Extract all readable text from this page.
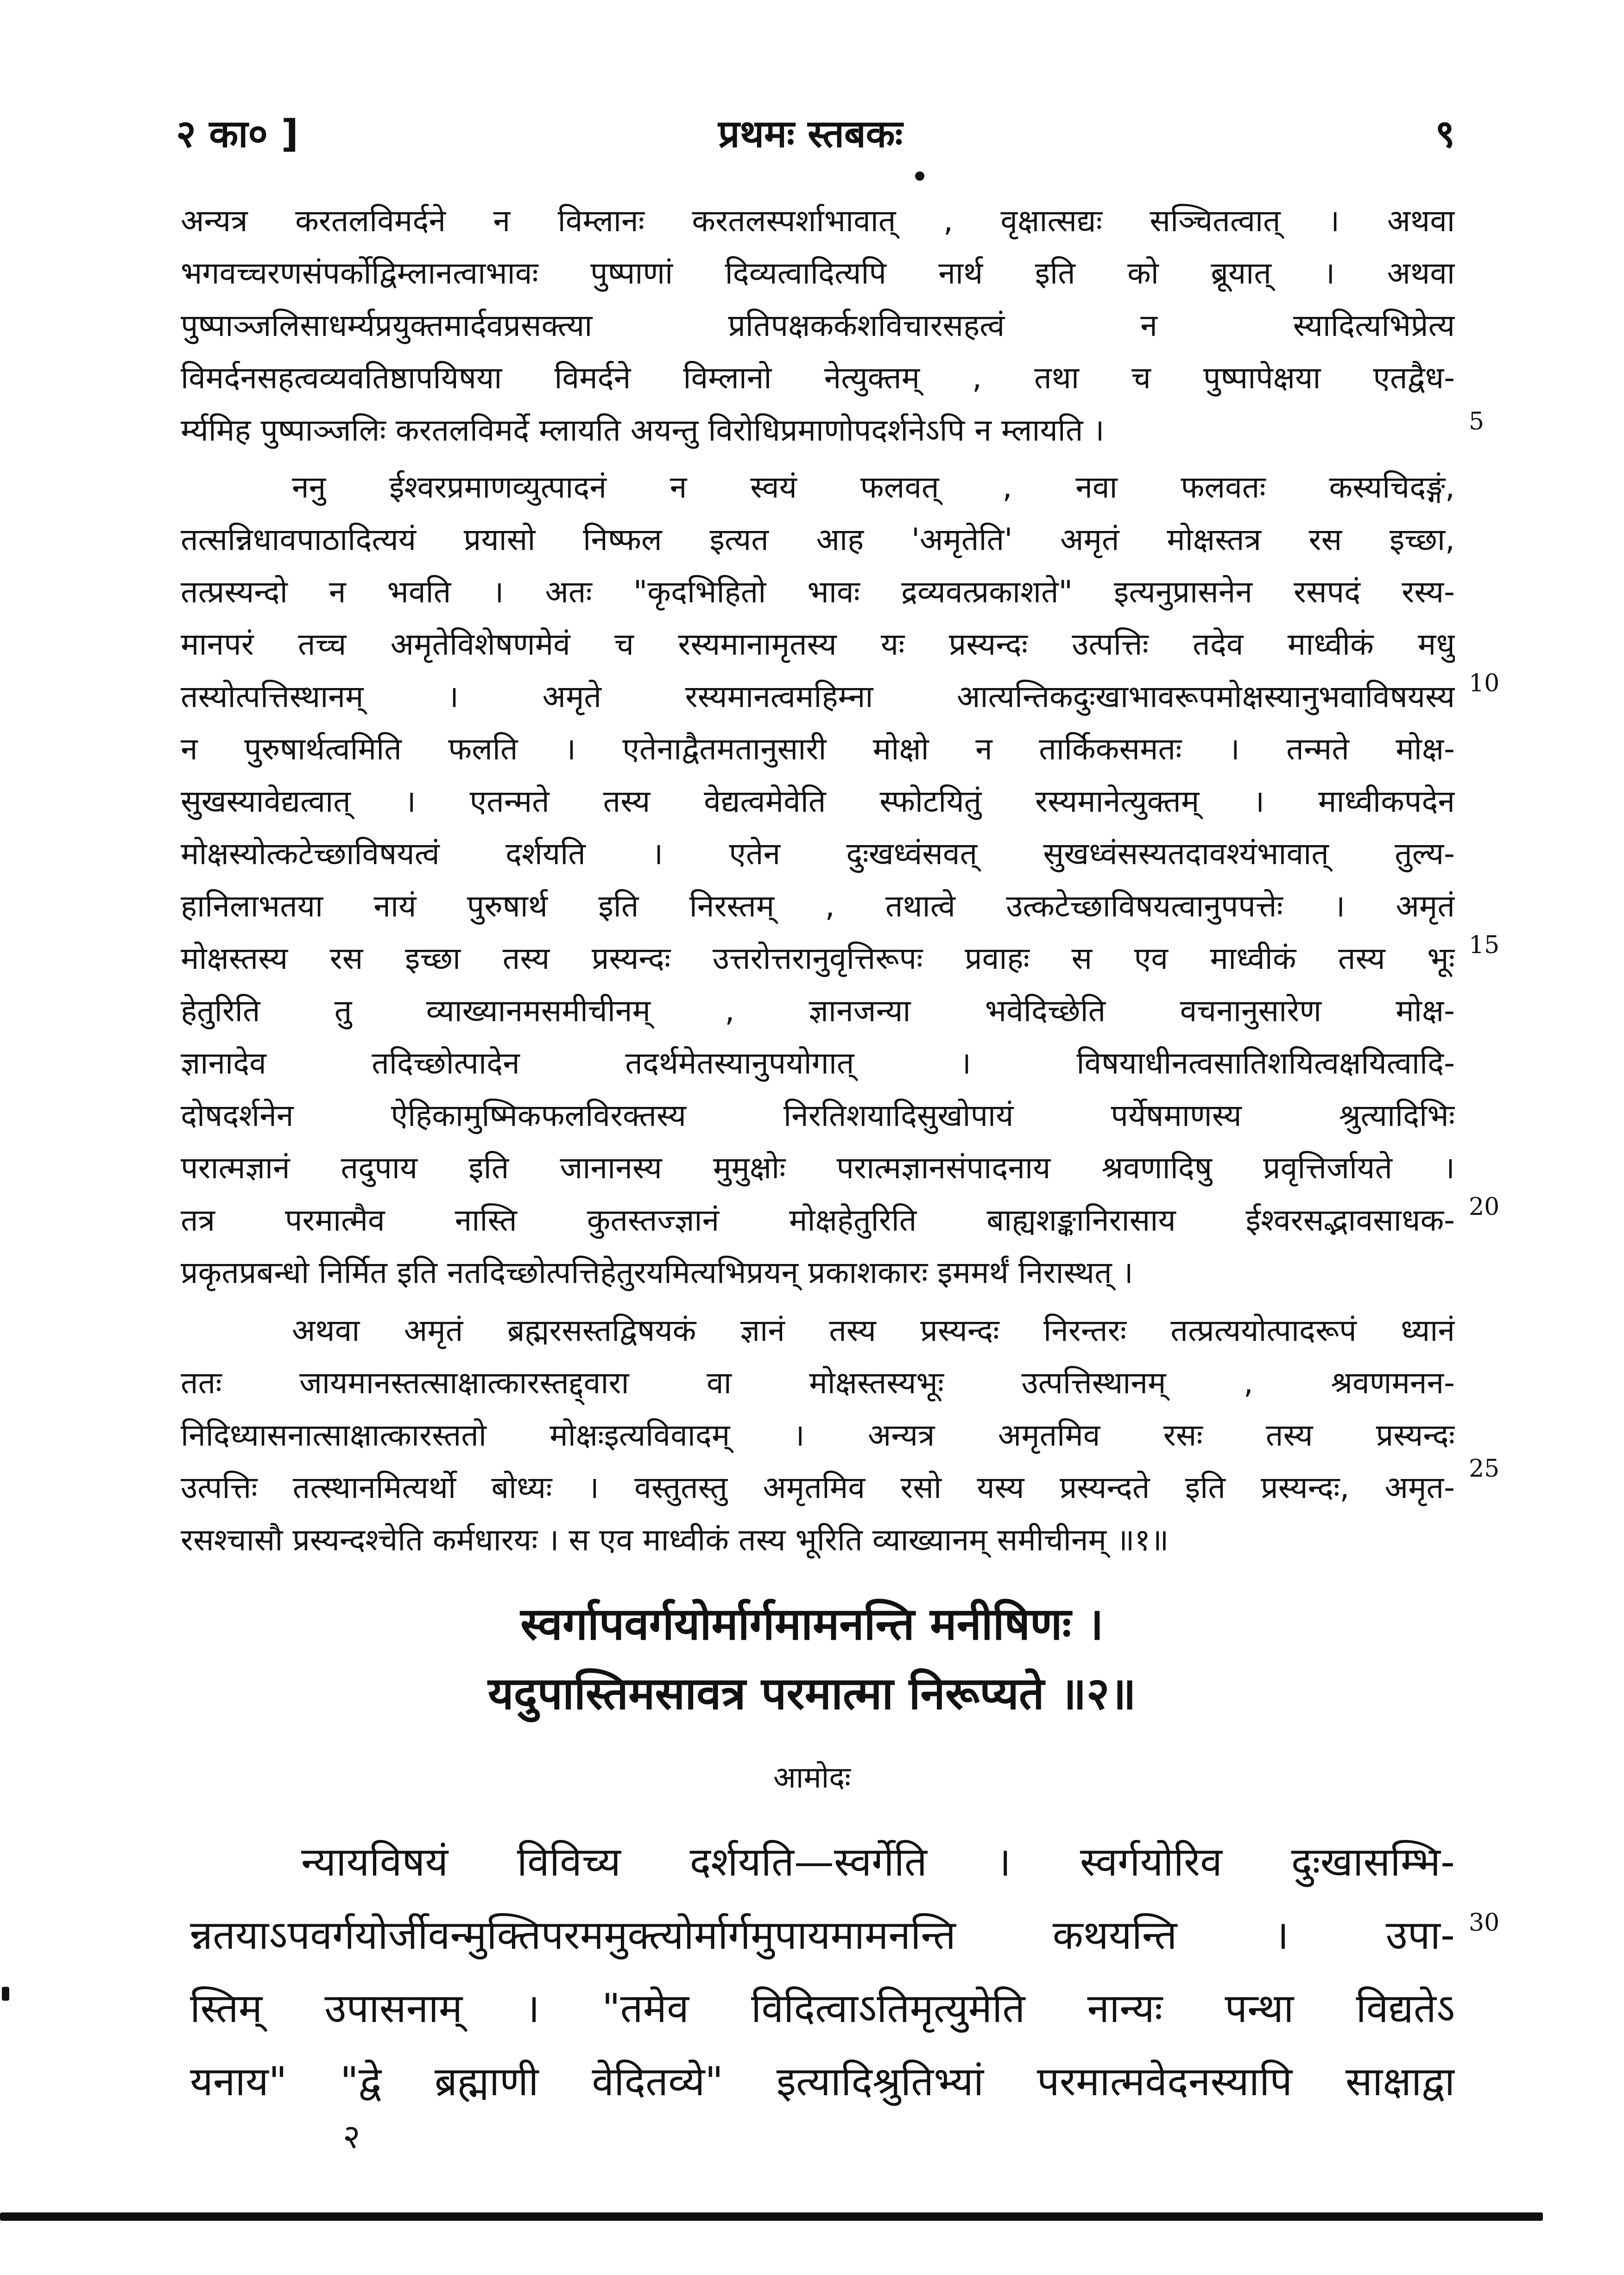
२ का० ]	प्रथमः स्तबकः	९
अन्यत्र करतलविमर्दने न विम्लानः करतलस्पर्शाभावात् , वृक्षात्सद्यः सञ्चितत्वात् । अथवा
भगवच्चरणसंपर्कोद्विम्लानत्वाभावः पुष्पाणां दिव्यत्वादित्यपि नार्थ इति को ब्रूयात् । अथवा
पुष्पाञ्जलिसाधर्म्यप्रयुक्तमार्दवप्रसक्त्या प्रतिपक्षकर्कशविचारसहत्वं न स्यादित्यभिप्रेत्य
विमर्दनसहत्वव्यवतिष्ठापयिषया विमर्दने विम्लानो नेत्युक्तम् , तथा च पुष्पापेक्षया एतद्वैध-
र्म्यमिह पुष्पाञ्जलिः करतलविमर्दे म्लायति अयन्तु विरोधिप्रमाणोपदर्शनेऽपि न म्लायति ।
ननु ईश्वरप्रमाणव्युत्पादनं न स्वयं फलवत् , नवा फलवतः कस्यचिदङ्गं,
तत्सन्निधावपाठादित्ययं प्रयासो निष्फल इत्यत आह 'अमृतेति' अमृतं मोक्षस्तत्र रस इच्छा,
तत्प्रस्यन्दो न भवति । अतः "कृदभिहितो भावः द्रव्यवत्प्रकाशते" इत्यनुप्रासनेन रसपदं रस्य-
मानपरं तच्च अमृतेविशेषणमेवं च रस्यमानामृतस्य यः प्रस्यन्दः उत्पत्तिः तदेव माध्वीकं मधु
तस्योत्पत्तिस्थानम् । अमृते रस्यमानत्वमहिम्ना आत्यन्तिकदुःखाभावरूपमोक्षस्यानुभवाविषयस्य
न पुरुषार्थत्वमिति फलति । एतेनाद्वैतमतानुसारी मोक्षो न तार्किकसमतः । तन्मते मोक्ष-
सुखस्यावेद्यत्वात् । एतन्मते तस्य वेद्यत्वमेवेति स्फोटयितुं रस्यमानेत्युक्तम् । माध्वीकपदेन
मोक्षस्योत्कटेच्छाविषयत्वं दर्शयति । एतेन दुःखध्वंसवत् सुखध्वंसस्यतदावश्यंभावात् तुल्य-
हानिलाभतया नायं पुरुषार्थ इति निरस्तम् , तथात्वे उत्कटेच्छाविषयत्वानुपपत्तेः । अमृतं
मोक्षस्तस्य रस इच्छा तस्य प्रस्यन्दः उत्तरोत्तरानुवृत्तिरूपः प्रवाहः स एव माध्वीकं तस्य भूः
हेतुरिति तु व्याख्यानमसमीचीनम् , ज्ञानजन्या भवेदिच्छेति वचनानुसारेण मोक्ष-
ज्ञानादेव तदिच्छोत्पादेन तदर्थमेतस्यानुपयोगात् । विषयाधीनत्वसातिशयित्वक्षयित्वादि-
दोषदर्शनेन ऐहिकामुष्मिकफलविरक्तस्य निरतिशयादिसुखोपायं पर्येषमाणस्य श्रुत्यादिभिः
परात्मज्ञानं तदुपाय इति जानानस्य मुमुक्षोः परात्मज्ञानसंपादनाय श्रवणादिषु प्रवृत्तिर्जायते ।
तत्र परमात्मैव नास्ति कुतस्तज्ज्ञानं मोक्षहेतुरिति बाह्यशङ्कानिरासाय ईश्वरसद्भावसाधक-
प्रकृतप्रबन्धो निर्मित इति नतदिच्छोत्पत्तिहेतुरयमित्यभिप्रयन् प्रकाशकारः इममर्थं निरास्थत् ।
अथवा अमृतं ब्रह्मरसस्तद्विषयकं ज्ञानं तस्य प्रस्यन्दः निरन्तरः तत्प्रत्ययोत्पादरूपं ध्यानं
ततः जायमानस्तत्साक्षात्कारस्तद्द्वारा वा मोक्षस्तस्यभूः उत्पत्तिस्थानम् , श्रवणमनन-
निदिध्यासनात्साक्षात्कारस्ततो मोक्षःइत्यविवादम् । अन्यत्र अमृतमिव रसः तस्य प्रस्यन्दः
उत्पत्तिः तत्स्थानमित्यर्थो बोध्यः । वस्तुतस्तु अमृतमिव रसो यस्य प्रस्यन्दते इति प्रस्यन्दः, अमृत-
रसश्चासौ प्रस्यन्दश्चेति कर्मधारयः । स एव माध्वीकं तस्य भूरिति व्याख्यानम् समीचीनम् ॥१॥
5
10
15
20
25
30
स्वर्गापवर्गयोर्मार्गमामनन्ति मनीषिणः ।
यदुपास्तिमसावत्र परमात्मा निरूप्यते ॥२॥
आमोदः
न्यायविषयं विविच्य दर्शयति—स्वर्गेति । स्वर्गयोरिव दुःखासम्भि-
न्नतयाऽपवर्गयोर्जीवन्मुक्तिपरममुक्त्योर्मार्गमुपायमामनन्ति कथयन्ति । उपा-
स्तिम् उपासनाम् । "तमेव विदित्वाऽतिमृत्युमेति नान्यः पन्था विद्यतेऽ
यनाय" "द्वे ब्रह्माणी वेदितव्ये" इत्यादिश्रुतिभ्यां परमात्मवेदनस्यापि साक्षाद्वा
२
